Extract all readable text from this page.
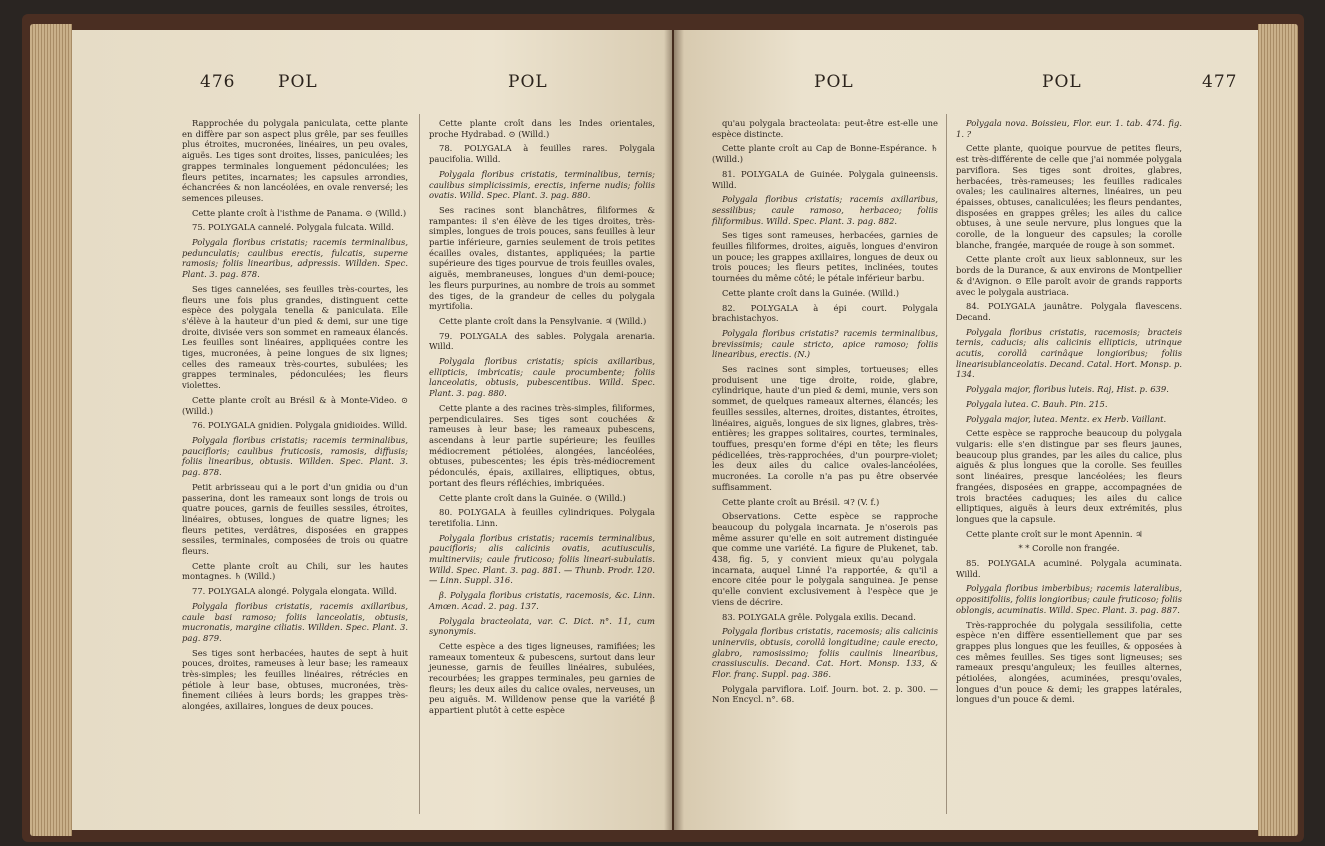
476	POL	POL

Rapprochée du polygala paniculata, cette plante en diffère par son aspect plus grêle, par ses feuilles plus étroites, mucronées, linéaires, un peu ovales, aiguës. Les tiges sont droites, lisses, paniculées; les grappes terminales longuement pédonculées; les fleurs petites, incarnates; les capsules arrondies, échancrées & non lancéolées, en ovale renversé; les semences pileuses.

Cette plante croît à l'isthme de Panama. ⊙ (Willd.)

75. POLYGALA cannelé. Polygala fulcata. Willd.

Polygala floribus cristatis; racemis terminalibus, pedunculatis; caulibus erectis, fulcatis, superne ramosis; foliis linearibus, adpressis. Willden. Spec. Plant. 3. pag. 878.

Ses tiges cannelées, ses feuilles très-courtes, les fleurs une fois plus grandes, distinguent cette espèce des polygala tenella & paniculata. Elle s'élève à la hauteur d'un pied & demi, sur une tige droite, divisée vers son sommet en rameaux élancés. Les feuilles sont linéaires, appliquées contre les tiges, mucronées, à peine longues de six lignes; celles des rameaux très-courtes, subulées; les grappes terminales, pédonculées; les fleurs violettes.

Cette plante croît au Brésil & à Monte-Video. ⊙ (Willd.)

76. POLYGALA gnidien. Polygala gnidioides. Willd.

Polygala floribus cristatis; racemis terminalibus, paucifloris; caulibus fruticosis, ramosis, diffusis; foliis linearibus, obtusis. Willden. Spec. Plant. 3. pag. 878.

Petit arbrisseau qui a le port d'un gnidia ou d'un passerina, dont les rameaux sont longs de trois ou quatre pouces, garnis de feuilles sessiles, étroites, linéaires, obtuses, longues de quatre lignes; les fleurs petites, verdâtres, disposées en grappes sessiles, terminales, composées de trois ou quatre fleurs.

Cette plante croît au Chili, sur les hautes montagnes. ♄ (Willd.)

77. POLYGALA alongé. Polygala elongata. Willd.

Polygala floribus cristatis, racemis axillaribus, caule basi ramoso; foliis lanceolatis, obtusis, mucronatis, margine ciliatis. Willden. Spec. Plant. 3. pag. 879.

Ses tiges sont herbacées, hautes de sept à huit pouces, droites, rameuses à leur base; les rameaux très-simples; les feuilles linéaires, rétrécies en pétiole à leur base, obtuses, mucronées, très-finement ciliées à leurs bords; les grappes très-alongées, axillaires, longues de deux pouces.

Cette plante croît dans les Indes orientales, proche Hydrabad. ⊙ (Willd.)

78. POLYGALA à feuilles rares. Polygala paucifolia. Willd.

Polygala floribus cristatis, terminalibus, ternis; caulibus simplicissimis, erectis, inferne nudis; foliis ovatis. Willd. Spec. Plant. 3. pag. 880.

Ses racines sont blanchâtres, filiformes & rampantes: il s'en élève de les tiges droites, très-simples, longues de trois pouces, sans feuilles à leur partie inférieure, garnies seulement de trois petites écailles ovales, distantes, appliquées; la partie supérieure des tiges pourvue de trois feuilles ovales, aiguës, membraneuses, longues d'un demi-pouce; les fleurs purpurines, au nombre de trois au sommet des tiges, de la grandeur de celles du polygala myrtifolia.

Cette plante croît dans la Pensylvanie. ♃ (Willd.)

79. POLYGALA des sables. Polygala arenaria. Willd.

Polygala floribus cristatis; spicis axillaribus, ellipticis, imbricatis; caule procumbente; foliis lanceolatis, obtusis, pubescentibus. Willd. Spec. Plant. 3. pag. 880.

Cette plante a des racines très-simples, filiformes, perpendiculaires. Ses tiges sont couchées & rameuses à leur base; les rameaux pubescens, ascendans à leur partie supérieure; les feuilles médiocrement pétiolées, alongées, lancéolées, obtuses, pubescentes; les épis très-médiocrement pédonculés, épais, axillaires, elliptiques, obtus, portant des fleurs réfléchies, imbriquées.

Cette plante croît dans la Guinée. ⊙ (Willd.)

80. POLYGALA à feuilles cylindriques. Polygala teretifolia. Linn.

Polygala floribus cristatis; racemis terminalibus, paucifloris; alis calicinis ovatis, acutiusculis, multinerviis; caule fruticoso; foliis lineari-subulatis. Willd. Spec. Plant. 3. pag. 881. — Thunb. Prodr. 120. — Linn. Suppl. 316.

β. Polygala floribus cristatis, racemosis, &c. Linn. Amœn. Acad. 2. pag. 137.

Polygala bracteolata, var. C. Dict. n°. 11, cum synonymis.

Cette espèce a des tiges ligneuses, ramifiées; les rameaux tomenteux & pubescens, surtout dans leur jeunesse, garnis de feuilles linéaires, subulées, recourbées; les grappes terminales, peu garnies de fleurs; les deux ailes du calice ovales, nerveuses, un peu aiguës. M. Willdenow pense que la variété β appartient plutôt à cette espèce

POL	POL	477

qu'au polygala bracteolata: peut-être est-elle une espèce distincte.

Cette plante croît au Cap de Bonne-Espérance. ♄ (Willd.)

81. POLYGALA de Guinée. Polygala guineensis. Willd.

Polygala floribus cristatis; racemis axillaribus, sessilibus; caule ramoso, herbaceo; foliis filiformibus. Willd. Spec. Plant. 3. pag. 882.

Ses tiges sont rameuses, herbacées, garnies de feuilles filiformes, droites, aiguës, longues d'environ un pouce; les grappes axillaires, longues de deux ou trois pouces; les fleurs petites, inclinées, toutes tournées du même côté; le pétale inférieur barbu.

Cette plante croît dans la Guinée. (Willd.)

82. POLYGALA à épi court. Polygala brachistachyos.

Polygala floribus cristatis? racemis terminalibus, brevissimis; caule stricto, apice ramoso; foliis linearibus, erectis. (N.)

Ses racines sont simples, tortueuses; elles produisent une tige droite, roide, glabre, cylindrique, haute d'un pied & demi, munie, vers son sommet, de quelques rameaux alternes, élancés; les feuilles sessiles, alternes, droites, distantes, étroites, linéaires, aiguës, longues de six lignes, glabres, très-entières; les grappes solitaires, courtes, terminales, touffues, presqu'en forme d'épi en tête; les fleurs pédicellées, très-rapprochées, d'un pourpre-violet; les deux ailes du calice ovales-lancéolées, mucronées. La corolle n'a pas pu être observée suffisamment.

Cette plante croît au Brésil. ♃? (V. f.)

Observations. Cette espèce se rapproche beaucoup du polygala incarnata. Je n'oserois pas même assurer qu'elle en soit autrement distinguée que comme une variété. La figure de Plukenet, tab. 438, fig. 5, y convient mieux qu'au polygala incarnata, auquel Linné l'a rapportée, & qu'il a encore citée pour le polygala sanguinea. Je pense qu'elle convient exclusivement à l'espèce que je viens de décrire.

83. POLYGALA grêle. Polygala exilis. Decand.

Polygala floribus cristatis, racemosis; alis calicinis uninerviis, obtusis, corollâ longitudine; caule erecto, glabro, ramosissimo; foliis caulinis linearibus, crassiusculis. Decand. Cat. Hort. Monsp. 133, & Flor. franç. Suppl. pag. 386.

Polygala parviflora. Loif. Journ. bot. 2. p. 300. — Non Encycl. n°. 68.

Polygala nova. Boissieu, Flor. eur. 1. tab. 474. fig. 1. ?

Cette plante, quoique pourvue de petites fleurs, est très-différente de celle que j'ai nommée polygala parviflora. Ses tiges sont droites, glabres, herbacées, très-rameuses; les feuilles radicales ovales; les caulinaires alternes, linéaires, un peu épaisses, obtuses, canaliculées; les fleurs pendantes, disposées en grappes grêles; les ailes du calice obtuses, à une seule nervure, plus longues que la corolle, de la longueur des capsules; la corolle blanche, frangée, marquée de rouge à son sommet.

Cette plante croît aux lieux sablonneux, sur les bords de la Durance, & aux environs de Montpellier & d'Avignon. ⊙ Elle paroît avoir de grands rapports avec le polygala austriaca.

84. POLYGALA jaunâtre. Polygala flavescens. Decand.

Polygala floribus cristatis, racemosis; bracteis ternis, caducis; alis calicinis ellipticis, utrinque acutis, corollâ carinâque longioribus; foliis linearisublanceolatis. Decand. Catal. Hort. Monsp. p. 134.

Polygala major, floribus luteis. Raj, Hist. p. 639.

Polygala lutea. C. Bauh. Pin. 215.

Polygala major, lutea. Mentz. ex Herb. Vaillant.

Cette espèce se rapproche beaucoup du polygala vulgaris: elle s'en distingue par ses fleurs jaunes, beaucoup plus grandes, par les ailes du calice, plus aiguës & plus longues que la corolle. Ses feuilles sont linéaires, presque lancéolées; les fleurs frangées, disposées en grappe, accompagnées de trois bractées caduques; les ailes du calice elliptiques, aiguës à leurs deux extrémités, plus longues que la capsule.

Cette plante croît sur le mont Apennin. ♃

* * Corolle non frangée.

85. POLYGALA acuminé. Polygala acuminata. Willd.

Polygala floribus imberbibus; racemis lateralibus, oppositifoliis, foliis longioribus; caule fruticoso; foliis oblongis, acuminatis. Willd. Spec. Plant. 3. pag. 887.

Très-rapprochée du polygala sessilifolia, cette espèce n'en diffère essentiellement que par ses grappes plus longues que les feuilles, & opposées à ces mêmes feuilles. Ses tiges sont ligneuses; ses rameaux presqu'anguleux; les feuilles alternes, pétiolées, alongées, acuminées, presqu'ovales, longues d'un pouce & demi; les grappes latérales, longues d'un pouce & demi.
